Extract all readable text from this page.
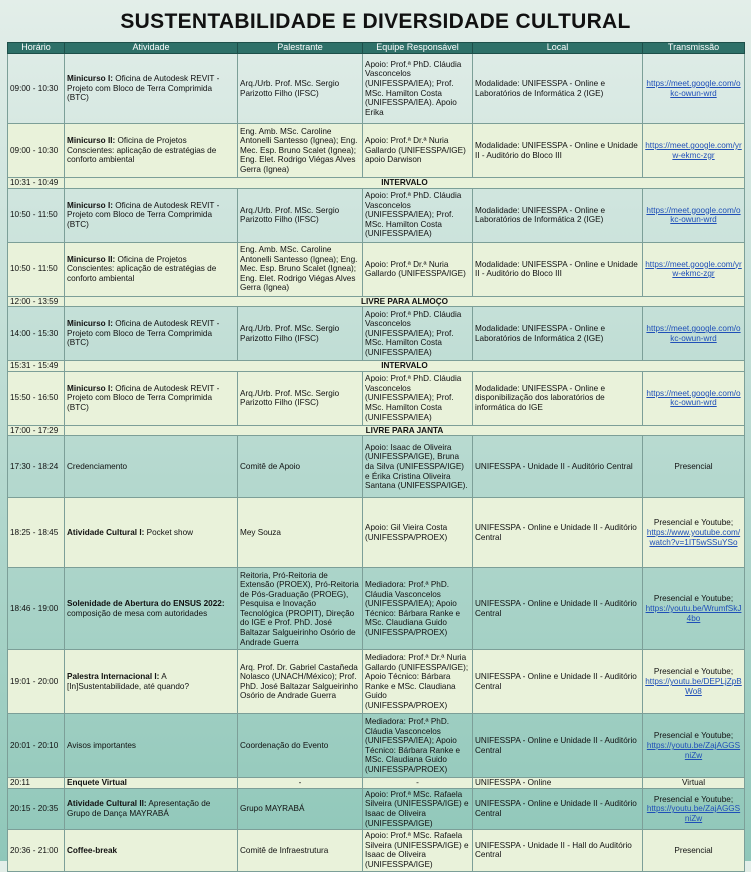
SUSTENTABILIDADE E DIVERSIDADE CULTURAL
Horário	Atividade	Palestrante	Equipe Responsável	Local	Transmissão
09:00 - 10:30	Minicurso I: Oficina de Autodesk REVIT - Projeto com Bloco de Terra Comprimida (BTC)	Arq./Urb. Prof. MSc. Sergio Parizotto Filho (IFSC)	Apoio: Prof.ª PhD. Cláudia Vasconcelos (UNIFESSPA/IEA); Prof. MSc. Hamilton Costa (UNIFESSPA/IEA). Apoio Erika	Modalidade: UNIFESSPA - Online e Laboratórios de Informática 2 (IGE)	https://meet.google.com/okc-owun-wrd
09:00 - 10:30	Minicurso II: Oficina de Projetos Conscientes: aplicação de estratégias de conforto ambiental	Eng. Amb. MSc. Caroline Antonelli Santesso (Ignea); Eng. Mec. Esp. Bruno Scalet (Ignea); Eng. Elet. Rodrigo Viégas Alves Gerra (Ignea)	Apoio: Prof.ª Dr.ª Nuria Gallardo (UNIFESSPA/IGE) apoio Darwison	Modalidade: UNIFESSPA - Online e Unidade II - Auditório do Bloco III	https://meet.google.com/yrw-ekmc-zgr
10:31 - 10:49	INTERVALO				
10:50 - 11:50	Minicurso I: Oficina de Autodesk REVIT - Projeto com Bloco de Terra Comprimida (BTC)	Arq./Urb. Prof. MSc. Sergio Parizotto Filho (IFSC)	Apoio: Prof.ª PhD. Cláudia Vasconcelos (UNIFESSPA/IEA); Prof. MSc. Hamilton Costa (UNIFESSPA/IEA)	Modalidade: UNIFESSPA - Online e Laboratórios de Informática 2 (IGE)	https://meet.google.com/okc-owun-wrd
10:50 - 11:50	Minicurso II: Oficina de Projetos Conscientes: aplicação de estratégias de conforto ambiental	Eng. Amb. MSc. Caroline Antonelli Santesso (Ignea); Eng. Mec. Esp. Bruno Scalet (Ignea); Eng. Elet. Rodrigo Viégas Alves Gerra (Ignea)	Apoio: Prof.ª Dr.ª Nuria Gallardo (UNIFESSPA/IGE)	Modalidade: UNIFESSPA - Online e Unidade II - Auditório do Bloco III	https://meet.google.com/yrw-ekmc-zgr
12:00 - 13:59	LIVRE PARA ALMOÇO				
14:00 - 15:30	Minicurso I: Oficina de Autodesk REVIT - Projeto com Bloco de Terra Comprimida (BTC)	Arq./Urb. Prof. MSc. Sergio Parizotto Filho (IFSC)	Apoio: Prof.ª PhD. Cláudia Vasconcelos (UNIFESSPA/IEA); Prof. MSc. Hamilton Costa (UNIFESSPA/IEA)	Modalidade: UNIFESSPA - Online e Laboratórios de Informática 2 (IGE)	https://meet.google.com/okc-owun-wrd
15:31 - 15:49	INTERVALO				
15:50 - 16:50	Minicurso I: Oficina de Autodesk REVIT - Projeto com Bloco de Terra Comprimida (BTC)	Arq./Urb. Prof. MSc. Sergio Parizotto Filho (IFSC)	Apoio: Prof.ª PhD. Cláudia Vasconcelos (UNIFESSPA/IEA); Prof. MSc. Hamilton Costa (UNIFESSPA/IEA)	Modalidade: UNIFESSPA - Online e disponibilização dos laboratórios de informática do IGE	https://meet.google.com/okc-owun-wrd
17:00 - 17:29	LIVRE PARA JANTA				
17:30 - 18:24	Credenciamento	Comitê de Apoio	Apoio: Isaac de Oliveira (UNIFESSPA/IGE), Bruna da Silva (UNIFESSPA/IGE) e Érika Cristina Oliveira Santana (UNIFESSPA/IGE).	UNIFESSPA - Unidade II - Auditório Central	Presencial

18:25 - 18:45	Atividade Cultural I: Pocket show	Mey Souza	Apoio: Gil Vieira Costa (UNIFESSPA/PROEX)	UNIFESSPA - Online e Unidade II - Auditório Central	Presencial e Youtube;
https://www.youtube.com/watch?v=1IT5wSSuYSo
18:46 - 19:00	Solenidade de Abertura do ENSUS 2022: composição de mesa com autoridades	Reitoria, Pró-Reitoria de Extensão (PROEX), Pró-Reitoria de Pós-Graduação (PROEG), Pesquisa e Inovação Tecnológica (PROPIT), Direção do IGE e Prof. PhD. José Baltazar Salgueirinho Osório de Andrade Guerra	Mediadora: Prof.ª PhD. Cláudia Vasconcelos (UNIFESSPA/IEA); Apoio Técnico: Bárbara Ranke e MSc. Claudiana Guido (UNIFESSPA/PROEX)	UNIFESSPA - Online e Unidade II - Auditório Central	Presencial e Youtube;
https://youtu.be/WrumfSkJ4bo
19:01 - 20:00	Palestra Internacional I: A [In]Sustentabilidade, até quando?	Arq. Prof. Dr. Gabriel Castañeda Nolasco (UNACH/México); Prof. PhD. José Baltazar Salgueirinho Osório de Andrade Guerra	Mediadora: Prof.ª Dr.ª Nuria Gallardo (UNIFESSPA/IGE); Apoio Técnico: Bárbara Ranke e MSc. Claudiana Guido (UNIFESSPA/PROEX)	UNIFESSPA - Online e Unidade II - Auditório Central	Presencial e Youtube;
https://youtu.be/DEPLjZpBWo8
20:01 - 20:10	Avisos importantes	Coordenação do Evento	Mediadora: Prof.ª PhD. Cláudia Vasconcelos (UNIFESSPA/IEA); Apoio Técnico: Bárbara Ranke e MSc. Claudiana Guido (UNIFESSPA/PROEX)	UNIFESSPA - Online e Unidade II - Auditório Central	Presencial e Youtube;
https://youtu.be/ZajAGGSniZw
20:11	Enquete Virtual	-	-	UNIFESSPA - Online	Virtual

20:15 - 20:35	Atividade Cultural II: Apresentação de Grupo de Dança MAYRABÁ	Grupo MAYRABÁ	Apoio: Prof.ª MSc. Rafaela Silveira (UNIFESSPA/IGE) e Isaac de Oliveira (UNIFESSPA/IGE)	UNIFESSPA - Online e Unidade II - Auditório Central	Presencial e Youtube;
https://youtu.be/ZajAGGSniZw
20:36 - 21:00	Coffee-break	Comitê de Infraestrutura	Apoio: Prof.ª MSc. Rafaela Silveira (UNIFESSPA/IGE) e Isaac de Oliveira (UNIFESSPA/IGE)	UNIFESSPA - Unidade II - Hall do Auditório Central	Presencial
